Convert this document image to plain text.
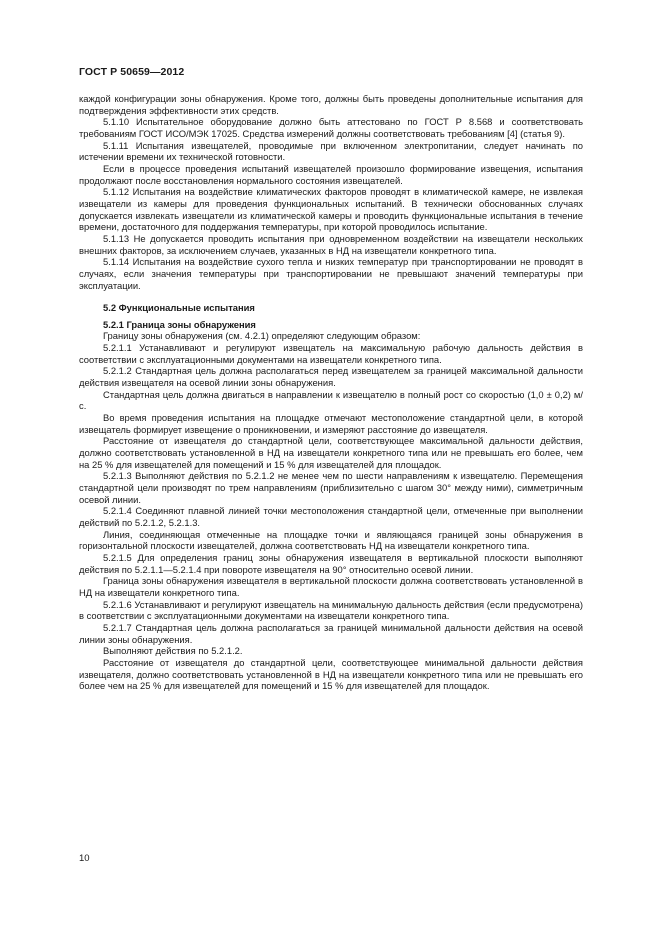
ГОСТ Р 50659—2012

каждой конфигурации зоны обнаружения. Кроме того, должны быть проведены дополнительные испытания для подтверждения эффективности этих средств.

5.1.10 Испытательное оборудование должно быть аттестовано по ГОСТ Р 8.568 и соответствовать требованиям ГОСТ ИСО/МЭК 17025. Средства измерений должны соответствовать требованиям [4] (статья 9).

5.1.11 Испытания извещателей, проводимые при включенном электропитании, следует начинать по истечении времени их технической готовности.

Если в процессе проведения испытаний извещателей произошло формирование извещения, испытания продолжают после восстановления нормального состояния извещателей.

5.1.12 Испытания на воздействие климатических факторов проводят в климатической камере, не извлекая извещатели из камеры для проведения функциональных испытаний. В технически обоснованных случаях допускается извлекать извещатели из климатической камеры и проводить функциональные испытания в течение времени, достаточного для поддержания температуры, при которой проводилось испытание.

5.1.13 Не допускается проводить испытания при одновременном воздействии на извещатели нескольких внешних факторов, за исключением случаев, указанных в НД на извещатели конкретного типа.

5.1.14 Испытания на воздействие сухого тепла и низких температур при транспортировании не проводят в случаях, если значения температуры при транспортировании не превышают значений температуры при эксплуатации.

5.2 Функциональные испытания
5.2.1 Граница зоны обнаружения

Границу зоны обнаружения (см. 4.2.1) определяют следующим образом:

5.2.1.1 Устанавливают и регулируют извещатель на максимальную рабочую дальность действия в соответствии с эксплуатационными документами на извещатели конкретного типа.

5.2.1.2 Стандартная цель должна располагаться перед извещателем за границей максимальной дальности действия извещателя на осевой линии зоны обнаружения.

Стандартная цель должна двигаться в направлении к извещателю в полный рост со скоростью (1,0 ± 0,2) м/с.

Во время проведения испытания на площадке отмечают местоположение стандартной цели, в которой извещатель формирует извещение о проникновении, и измеряют расстояние до извещателя.

Расстояние от извещателя до стандартной цели, соответствующее максимальной дальности действия, должно соответствовать установленной в НД на извещатели конкретного типа или не превышать его более, чем на 25 % для извещателей для помещений и 15 % для извещателей для площадок.

5.2.1.3 Выполняют действия по 5.2.1.2 не менее чем по шести направлениям к извещателю. Перемещения стандартной цели производят по трем направлениям (приблизительно с шагом 30° между ними), симметричным осевой линии.

5.2.1.4 Соединяют плавной линией точки местоположения стандартной цели, отмеченные при выполнении действий по 5.2.1.2, 5.2.1.3.

Линия, соединяющая отмеченные на площадке точки и являющаяся границей зоны обнаружения в горизонтальной плоскости извещателей, должна соответствовать НД на извещатели конкретного типа.

5.2.1.5 Для определения границ зоны обнаружения извещателя в вертикальной плоскости выполняют действия по 5.2.1.1—5.2.1.4 при повороте извещателя на 90° относительно осевой линии.

Граница зоны обнаружения извещателя в вертикальной плоскости должна соответствовать установленной в НД на извещатели конкретного типа.

5.2.1.6 Устанавливают и регулируют извещатель на минимальную дальность действия (если предусмотрена) в соответствии с эксплуатационными документами на извещатели конкретного типа.

5.2.1.7 Стандартная цель должна располагаться за границей минимальной дальности действия на осевой линии зоны обнаружения.

Выполняют действия по 5.2.1.2.

Расстояние от извещателя до стандартной цели, соответствующее минимальной дальности действия извещателя, должно соответствовать установленной в НД на извещатели конкретного типа или не превышать его более чем на 25 % для извещателей для помещений и 15 % для извещателей для площадок.

10
